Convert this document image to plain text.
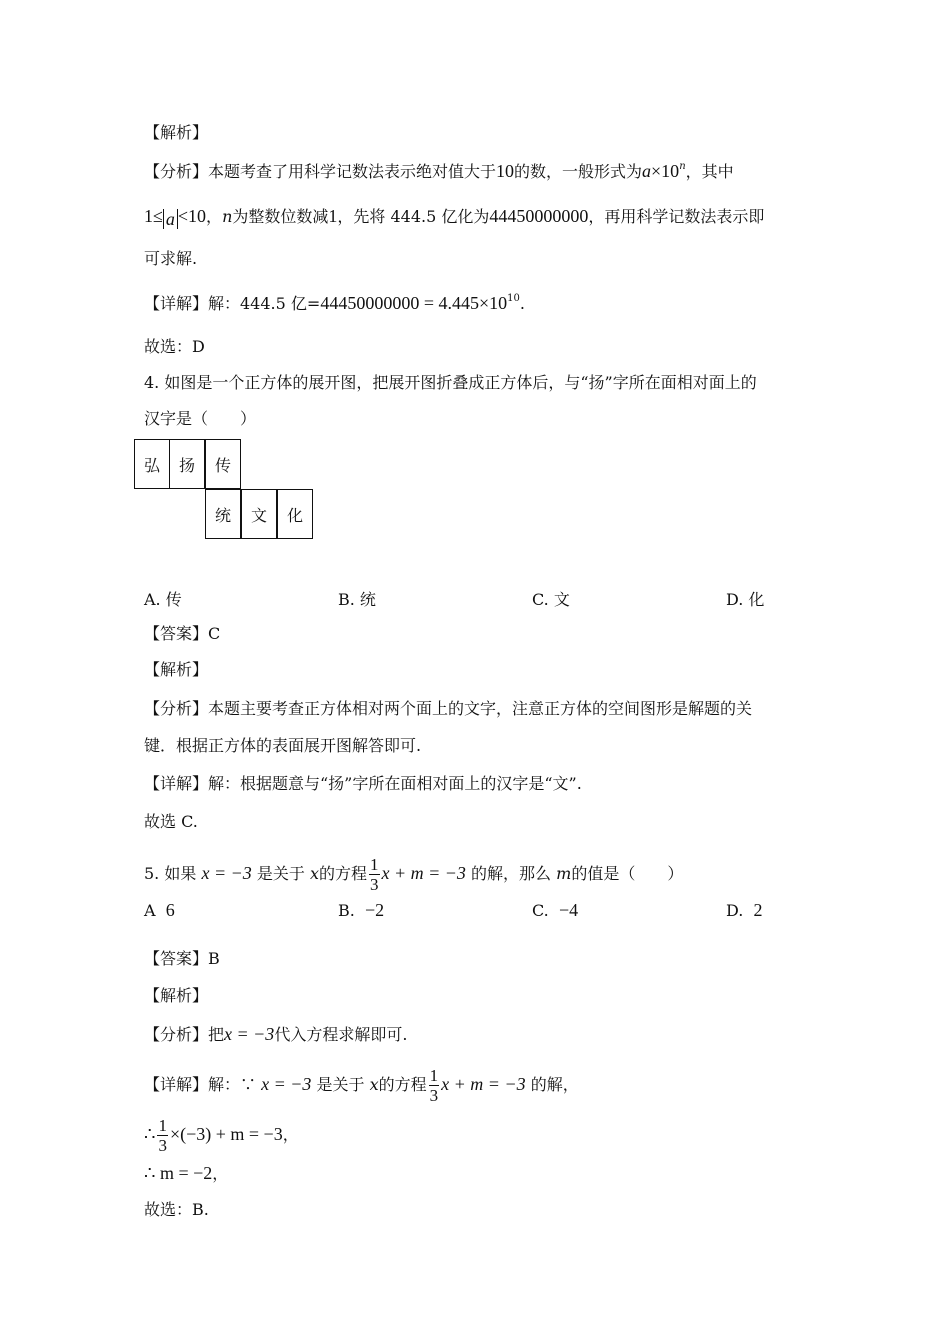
【解析】
【分析】本题考查了用科学记数法表示绝对值大于10的数，一般形式为$a\times 10^n$，其中
1≤ a <10，n为整数位数减1，先将 444.5 亿化为44450000000，再用科学记数法表示即
可求解.
【详解】解：444.5 亿$=44450000000 = 4.445\times 10^{10}$.
故选：D
4. 如图是一个正方体的展开图，把展开图折叠成正方体后，与“扬”字所在面相对面上的
汉字是（　　）
弘	扬	传
统	文	化
A. 传	B. 统	C. 文	D. 化
【答案】C
【解析】
【分析】本题主要考查正方体相对两个面上的文字，注意正方体的空间图形是解题的关
键．根据正方体的表面展开图解答即可.
【详解】解：根据题意与“扬”字所在面相对面上的汉字是“文”.
故选 C.
5. 如果 x = −3 是关于 x的方程 $\frac{1}{3}$ x + m = −3 的解，那么 m的值是（　　）
A 6	B. −2	C. −4	D. 2
【答案】B
【解析】
【分析】把x = −3代入方程求解即可.
【详解】解：∵ x = −3 是关于 x的方程 $\frac{1}{3}$ x + m = −3 的解，
∴ $\frac{1}{3} \times(-3) + m = -3$，
∴ m = −2，
故选：B.
